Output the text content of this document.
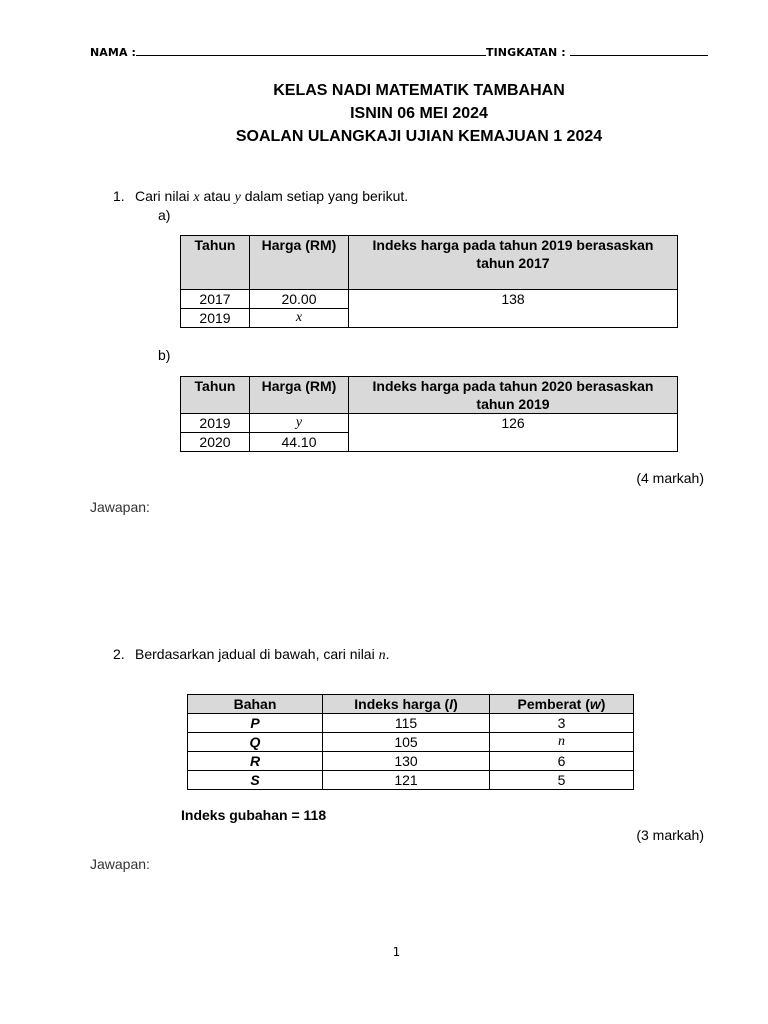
NAMA :	TINGKATAN :
KELAS NADI MATEMATIK TAMBAHAN
ISNIN 06 MEI 2024
SOALAN ULANGKAJI UJIAN KEMAJUAN 1 2024
1. Cari nilai x atau y dalam setiap yang berikut.
a)
Tahun	Harga (RM)	Indeks harga pada tahun 2019 berasaskan tahun 2017
2017	20.00	138
2019	x	
b)
Tahun	Harga (RM)	Indeks harga pada tahun 2020 berasaskan tahun 2019
2019	y	126
2020	44.10	
(4 markah)
Jawapan:
2. Berdasarkan jadual di bawah, cari nilai n.
Bahan	Indeks harga (I)	Pemberat (w)
P	115	3
Q	105	n
R	130	6
S	121	5
Indeks gubahan = 118
(3 markah)
Jawapan:
1
